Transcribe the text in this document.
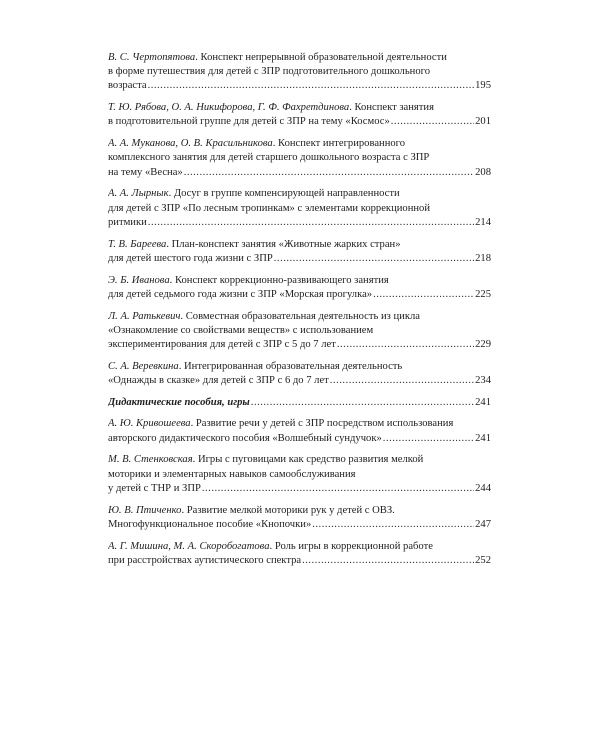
В. С. Чертопятова. Конспект непрерывной образовательной деятельности
в форме путешествия для детей с ЗПР подготовительного дошкольного
возраста .....	195
Т. Ю. Рябова, О. А. Никифорова, Г. Ф. Фахретдинова. Конспект занятия
в подготовительной группе для детей с ЗПР на тему «Космос» .....	201
А. А. Муканова, О. В. Красильникова. Конспект интегрированного
комплексного занятия для детей старшего дошкольного возраста с ЗПР
на тему «Весна» .....	208
А. А. Лырнык. Досуг в группе компенсирующей направленности
для детей с ЗПР «По лесным тропинкам» с элементами коррекционной
ритмики .....	214
Т. В. Бареева. План-конспект занятия «Животные жарких стран»
для детей шестого года жизни с ЗПР .....	218
Э. Б. Иванова. Конспект коррекционно-развивающего занятия
для детей седьмого года жизни с ЗПР «Морская прогулка» .....	225
Л. А. Ратькевич. Совместная образовательная деятельность из цикла
«Ознакомление со свойствами веществ» с использованием
экспериментирования для детей с ЗПР с 5 до 7 лет .....	229
С. А. Веревкина. Интегрированная образовательная деятельность
«Однажды в сказке» для детей с ЗПР с 6 до 7 лет .....	234
Дидактические пособия, игры .....	241
А. Ю. Кривошеева. Развитие речи у детей с ЗПР посредством использования
авторского дидактического пособия «Волшебный сундучок» .....	241
М. В. Стенковская. Игры с пуговицами как средство развития мелкой
моторики и элементарных навыков самообслуживания
у детей с ТНР и ЗПР .....	244
Ю. В. Птиченко. Развитие мелкой моторики рук у детей с ОВЗ.
Многофункциональное пособие «Кнопочки» .....	247
А. Г. Мишина, М. А. Скоробогатова. Роль игры в коррекционной работе
при расстройствах аутистического спектра .....	252
